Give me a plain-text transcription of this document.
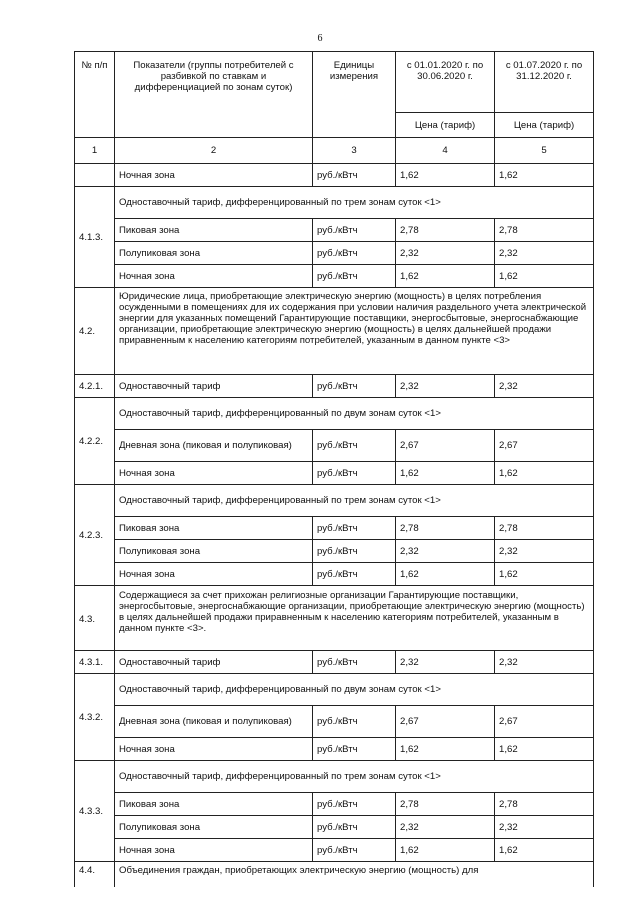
6
№ п/п	Показатели (группы потребителей с разбивкой по ставкам и дифференциацией по зонам суток)	Единицы измерения	с 01.01.2020 г. по 30.06.2020 г.	с 01.07.2020 г. по 31.12.2020 г.
			Цена (тариф)	Цена (тариф)
1	2	3	4	5
	Ночная зона	руб./кВтч	1,62	1,62
4.1.3.	Одноставочный тариф, дифференцированный по трем зонам суток <1>			
	Пиковая зона	руб./кВтч	2,78	2,78
	Полупиковая зона	руб./кВтч	2,32	2,32
	Ночная зона	руб./кВтч	1,62	1,62
4.2.	Юридические лица, приобретающие электрическую энергию (мощность) в целях потребления осужденными в помещениях для их содержания при условии наличия раздельного учета электрической энергии для указанных помещений Гарантирующие поставщики, энергосбытовые, энергоснабжающие организации, приобретающие электрическую энергию (мощность) в целях дальнейшей продажи приравненным к населению категориям потребителей, указанным в данном пункте <3>			
4.2.1.	Одноставочный тариф	руб./кВтч	2,32	2,32
4.2.2.	Одноставочный тариф, дифференцированный по двум зонам суток <1>			
	Дневная зона (пиковая и полупиковая)	руб./кВтч	2,67	2,67
	Ночная зона	руб./кВтч	1,62	1,62
4.2.3.	Одноставочный тариф, дифференцированный по трем зонам суток <1>			
	Пиковая зона	руб./кВтч	2,78	2,78
	Полупиковая зона	руб./кВтч	2,32	2,32
	Ночная зона	руб./кВтч	1,62	1,62
4.3.	Содержащиеся за счет прихожан религиозные организации Гарантирующие поставщики, энергосбытовые, энергоснабжающие организации, приобретающие электрическую энергию (мощность) в целях дальнейшей продажи приравненным к населению категориям потребителей, указанным в данном пункте <3>.			
4.3.1.	Одноставочный тариф	руб./кВтч	2,32	2,32
4.3.2.	Одноставочный тариф, дифференцированный по двум зонам суток <1>			
	Дневная зона (пиковая и полупиковая)	руб./кВтч	2,67	2,67
	Ночная зона	руб./кВтч	1,62	1,62
4.3.3.	Одноставочный тариф, дифференцированный по трем зонам суток <1>			
	Пиковая зона	руб./кВтч	2,78	2,78
	Полупиковая зона	руб./кВтч	2,32	2,32
	Ночная зона	руб./кВтч	1,62	1,62
4.4.	Объединения граждан, приобретающих электрическую энергию (мощность) для			
